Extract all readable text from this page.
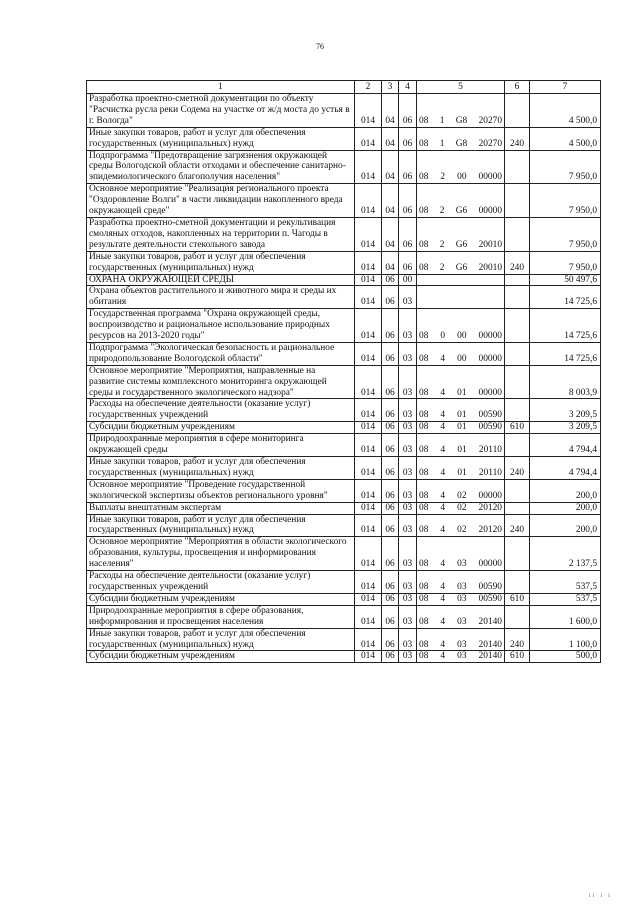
76
1	2	3	4	5	6	7
Разработка проектно-сметной документации по объекту "Расчистка русла реки Содема на участке от ж/д моста до устья в г. Вологда"	014	04	06	08 1 G8 20270		4 500,0
Иные закупки товаров, работ и услуг для обеспечения государственных (муниципальных) нужд	014	04	06	08 1 G8 20270	240	4 500,0
Подпрограмма "Предотвращение загрязнения окружающей среды Вологодской области отходами и обеспечение санитарно-эпидемиологического благополучия населения"	014	04	06	08 2 00 00000		7 950,0
Основное мероприятие "Реализация регионального проекта "Оздоровление Волги" в части ликвидации накопленного вреда окружающей среде"	014	04	06	08 2 G6 00000		7 950,0
Разработка проектно-сметной документации и рекультивация смоляных отходов, накопленных на территории п. Чагоды в результате деятельности стекольного завода	014	04	06	08 2 G6 20010		7 950,0
Иные закупки товаров, работ и услуг для обеспечения государственных (муниципальных) нужд	014	04	06	08 2 G6 20010	240	7 950,0
ОХРАНА ОКРУЖАЮЩЕЙ СРЕДЫ	014	06	00			50 497,6
Охрана объектов растительного и животного мира и среды их обитания	014	06	03			14 725,6
Государственная программа "Охрана окружающей среды, воспроизводство и рациональное использование природных ресурсов на 2013-2020 годы"	014	06	03	08 0 00 00000		14 725,6
Подпрограмма "Экологическая безопасность и рациональное природопользование Вологодской области"	014	06	03	08 4 00 00000		14 725,6
Основное мероприятие "Мероприятия, направленные на развитие системы комплексного мониторинга окружающей среды и государственного экологического надзора"	014	06	03	08 4 01 00000		8 003,9
Расходы на обеспечение деятельности (оказание услуг) государственных учреждений	014	06	03	08 4 01 00590		3 209,5
Субсидии бюджетным учреждениям	014	06	03	08 4 01 00590	610	3 209,5
Природоохранные мероприятия в сфере мониторинга окружающей среды	014	06	03	08 4 01 20110		4 794,4
Иные закупки товаров, работ и услуг для обеспечения государственных (муниципальных) нужд	014	06	03	08 4 01 20110	240	4 794,4
Основное мероприятие "Проведение государственной экологической экспертизы объектов регионального уровня"	014	06	03	08 4 02 00000		200,0
Выплаты внештатным экспертам	014	06	03	08 4 02 20120		200,0
Иные закупки товаров, работ и услуг для обеспечения государственных (муниципальных) нужд	014	06	03	08 4 02 20120	240	200,0
Основное мероприятие "Мероприятия в области экологического образования, культуры, просвещения и информирования населения"	014	06	03	08 4 03 00000		2 137,5
Расходы на обеспечение деятельности (оказание услуг) государственных учреждений	014	06	03	08 4 03 00590		537,5
Субсидии бюджетным учреждениям	014	06	03	08 4 03 00590	610	537,5
Природоохранные мероприятия в сфере образования, информирования и просвещения населения	014	06	03	08 4 03 20140		1 600,0
Иные закупки товаров, работ и услуг для обеспечения государственных (муниципальных) нужд	014	06	03	08 4 03 20140	240	1 100,0
Субсидии бюджетным учреждениям	014	06	03	08 4 03 20140	610	500,0
ıı ı ı
